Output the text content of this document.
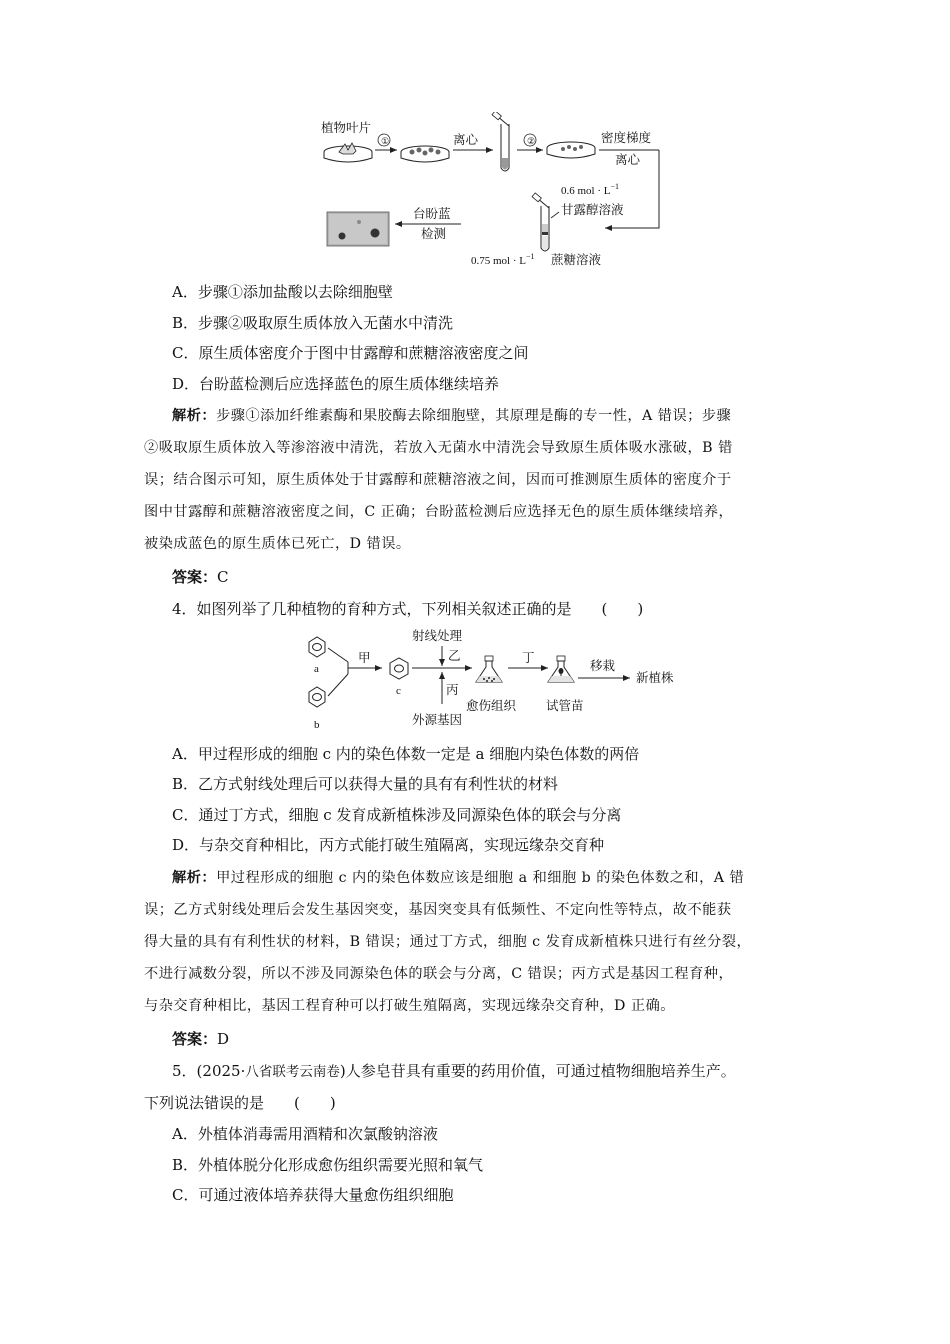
植物叶片
①	离心	②	密度梯度
离心
0.6 mol · $L^{-1}$
甘露醇溶液
0.75 mol · $L^{-1}$ 蔗糖溶液
台盼蓝
检测
A．步骤①添加盐酸以去除细胞壁
B．步骤②吸取原生质体放入无菌水中清洗
C．原生质体密度介于图中甘露醇和蔗糖溶液密度之间
D．台盼蓝检测后应选择蓝色的原生质体继续培养
解析：步骤①添加纤维素酶和果胶酶去除细胞壁，其原理是酶的专一性，A 错误；步骤
②吸取原生质体放入等渗溶液中清洗，若放入无菌水中清洗会导致原生质体吸水涨破，B 错
误；结合图示可知，原生质体处于甘露醇和蔗糖溶液之间，因而可推测原生质体的密度介于
图中甘露醇和蔗糖溶液密度之间，C 正确；台盼蓝检测后应选择无色的原生质体继续培养，
被染成蓝色的原生质体已死亡，D 错误。
答案：C
4．如图列举了几种植物的育种方式，下列相关叙述正确的是　　(　　)
a
b
甲
c
射线处理
乙
丙
外源基因
愈伤组织
丁
试管苗
移栽
新植株
A．甲过程形成的细胞 c 内的染色体数一定是 a 细胞内染色体数的两倍
B．乙方式射线处理后可以获得大量的具有有利性状的材料
C．通过丁方式，细胞 c 发育成新植株涉及同源染色体的联会与分离
D．与杂交育种相比，丙方式能打破生殖隔离，实现远缘杂交育种
解析：甲过程形成的细胞 c 内的染色体数应该是细胞 a 和细胞 b 的染色体数之和，A 错
误；乙方式射线处理后会发生基因突变，基因突变具有低频性、不定向性等特点，故不能获
得大量的具有有利性状的材料，B 错误；通过丁方式，细胞 c 发育成新植株只进行有丝分裂，
不进行减数分裂，所以不涉及同源染色体的联会与分离，C 错误；丙方式是基因工程育种，
与杂交育种相比，基因工程育种可以打破生殖隔离，实现远缘杂交育种，D 正确。
答案：D
5．(2025·八省联考云南卷)人参皂苷具有重要的药用价值，可通过植物细胞培养生产。
下列说法错误的是　　(　　)
A．外植体消毒需用酒精和次氯酸钠溶液
B．外植体脱分化形成愈伤组织需要光照和氧气
C．可通过液体培养获得大量愈伤组织细胞
